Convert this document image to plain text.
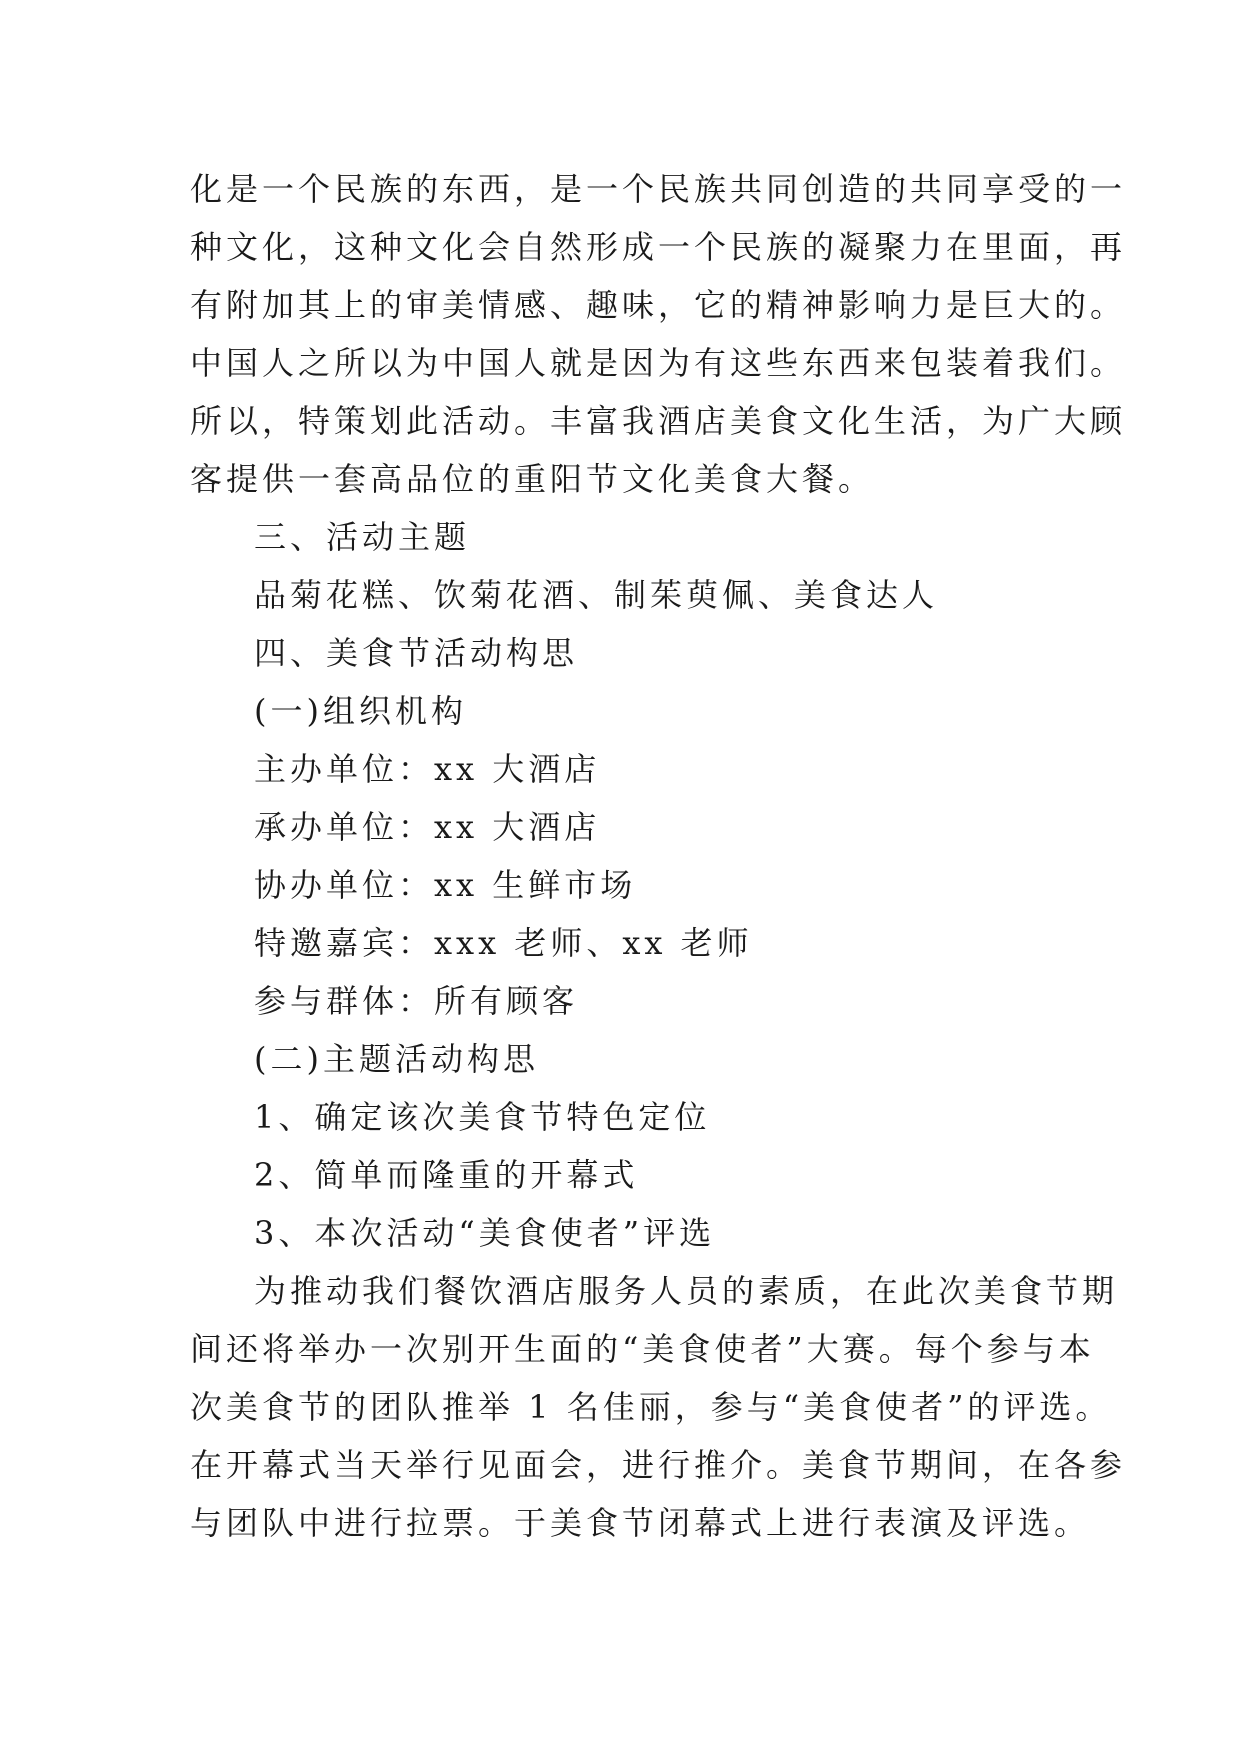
化是一个民族的东西，是一个民族共同创造的共同享受的一

种文化，这种文化会自然形成一个民族的凝聚力在里面，再

有附加其上的审美情感、趣味，它的精神影响力是巨大的。

中国人之所以为中国人就是因为有这些东西来包装着我们。

所以，特策划此活动。丰富我酒店美食文化生活，为广大顾

客提供一套高品位的重阳节文化美食大餐。

三、活动主题

品菊花糕、饮菊花酒、制茱萸佩、美食达人

四、美食节活动构思

(一)组织机构

主办单位：xx 大酒店

承办单位：xx 大酒店

协办单位：xx 生鲜市场

特邀嘉宾：xxx 老师、xx 老师

参与群体：所有顾客

(二)主题活动构思

1、确定该次美食节特色定位

2、简单而隆重的开幕式

3、本次活动“美食使者”评选

为推动我们餐饮酒店服务人员的素质，在此次美食节期

间还将举办一次别开生面的“美食使者”大赛。每个参与本

次美食节的团队推举 1 名佳丽，参与“美食使者”的评选。

在开幕式当天举行见面会，进行推介。美食节期间，在各参

与团队中进行拉票。于美食节闭幕式上进行表演及评选。
